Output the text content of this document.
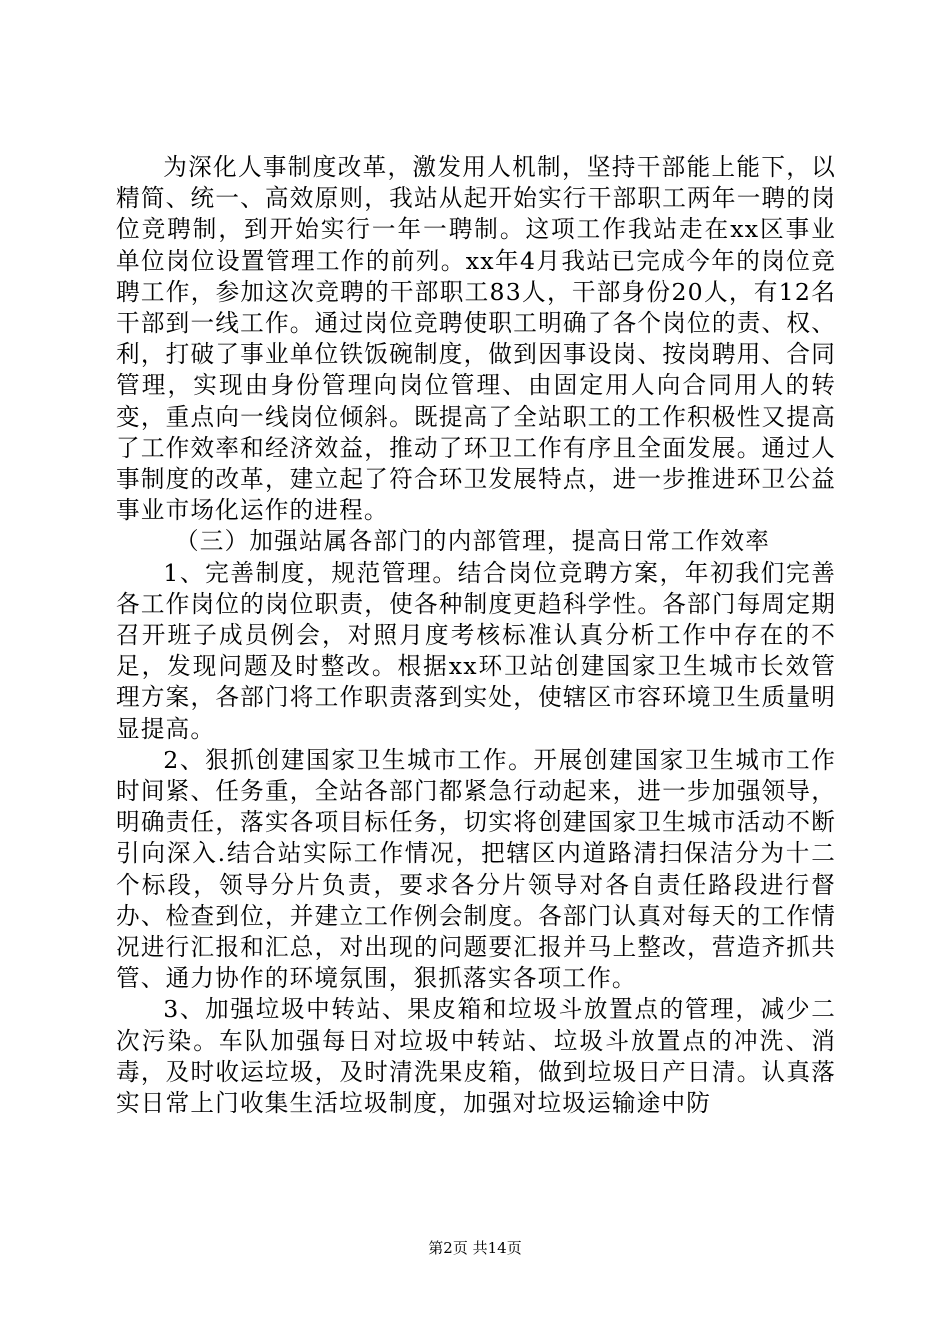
为深化人事制度改革，激发用人机制，坚持干部能上能下，以精简、统一、高效原则，我站从起开始实行干部职工两年一聘的岗位竞聘制，到开始实行一年一聘制。这项工作我站走在xx区事业单位岗位设置管理工作的前列。xx年4月我站已完成今年的岗位竞聘工作，参加这次竞聘的干部职工83人，干部身份20人，有12名干部到一线工作。通过岗位竞聘使职工明确了各个岗位的责、权、利，打破了事业单位铁饭碗制度，做到因事设岗、按岗聘用、合同管理，实现由身份管理向岗位管理、由固定用人向合同用人的转变，重点向一线岗位倾斜。既提高了全站职工的工作积极性又提高了工作效率和经济效益，推动了环卫工作有序且全面发展。通过人事制度的改革，建立起了符合环卫发展特点，进一步推进环卫公益事业市场化运作的进程。

（三）加强站属各部门的内部管理，提高日常工作效率

1、完善制度，规范管理。结合岗位竞聘方案，年初我们完善各工作岗位的岗位职责，使各种制度更趋科学性。各部门每周定期召开班子成员例会，对照月度考核标准认真分析工作中存在的不足，发现问题及时整改。根据xx环卫站创建国家卫生城市长效管理方案，各部门将工作职责落到实处，使辖区市容环境卫生质量明显提高。

2、狠抓创建国家卫生城市工作。开展创建国家卫生城市工作时间紧、任务重，全站各部门都紧急行动起来，进一步加强领导，明确责任，落实各项目标任务，切实将创建国家卫生城市活动不断引向深入.结合站实际工作情况，把辖区内道路清扫保洁分为十二个标段，领导分片负责，要求各分片领导对各自责任路段进行督办、检查到位，并建立工作例会制度。各部门认真对每天的工作情况进行汇报和汇总，对出现的问题要汇报并马上整改，营造齐抓共管、通力协作的环境氛围，狠抓落实各项工作。

3、加强垃圾中转站、果皮箱和垃圾斗放置点的管理，减少二次污染。车队加强每日对垃圾中转站、垃圾斗放置点的冲洗、消毒，及时收运垃圾，及时清洗果皮箱，做到垃圾日产日清。认真落实日常上门收集生活垃圾制度，加强对垃圾运输途中防

第2页 共14页
